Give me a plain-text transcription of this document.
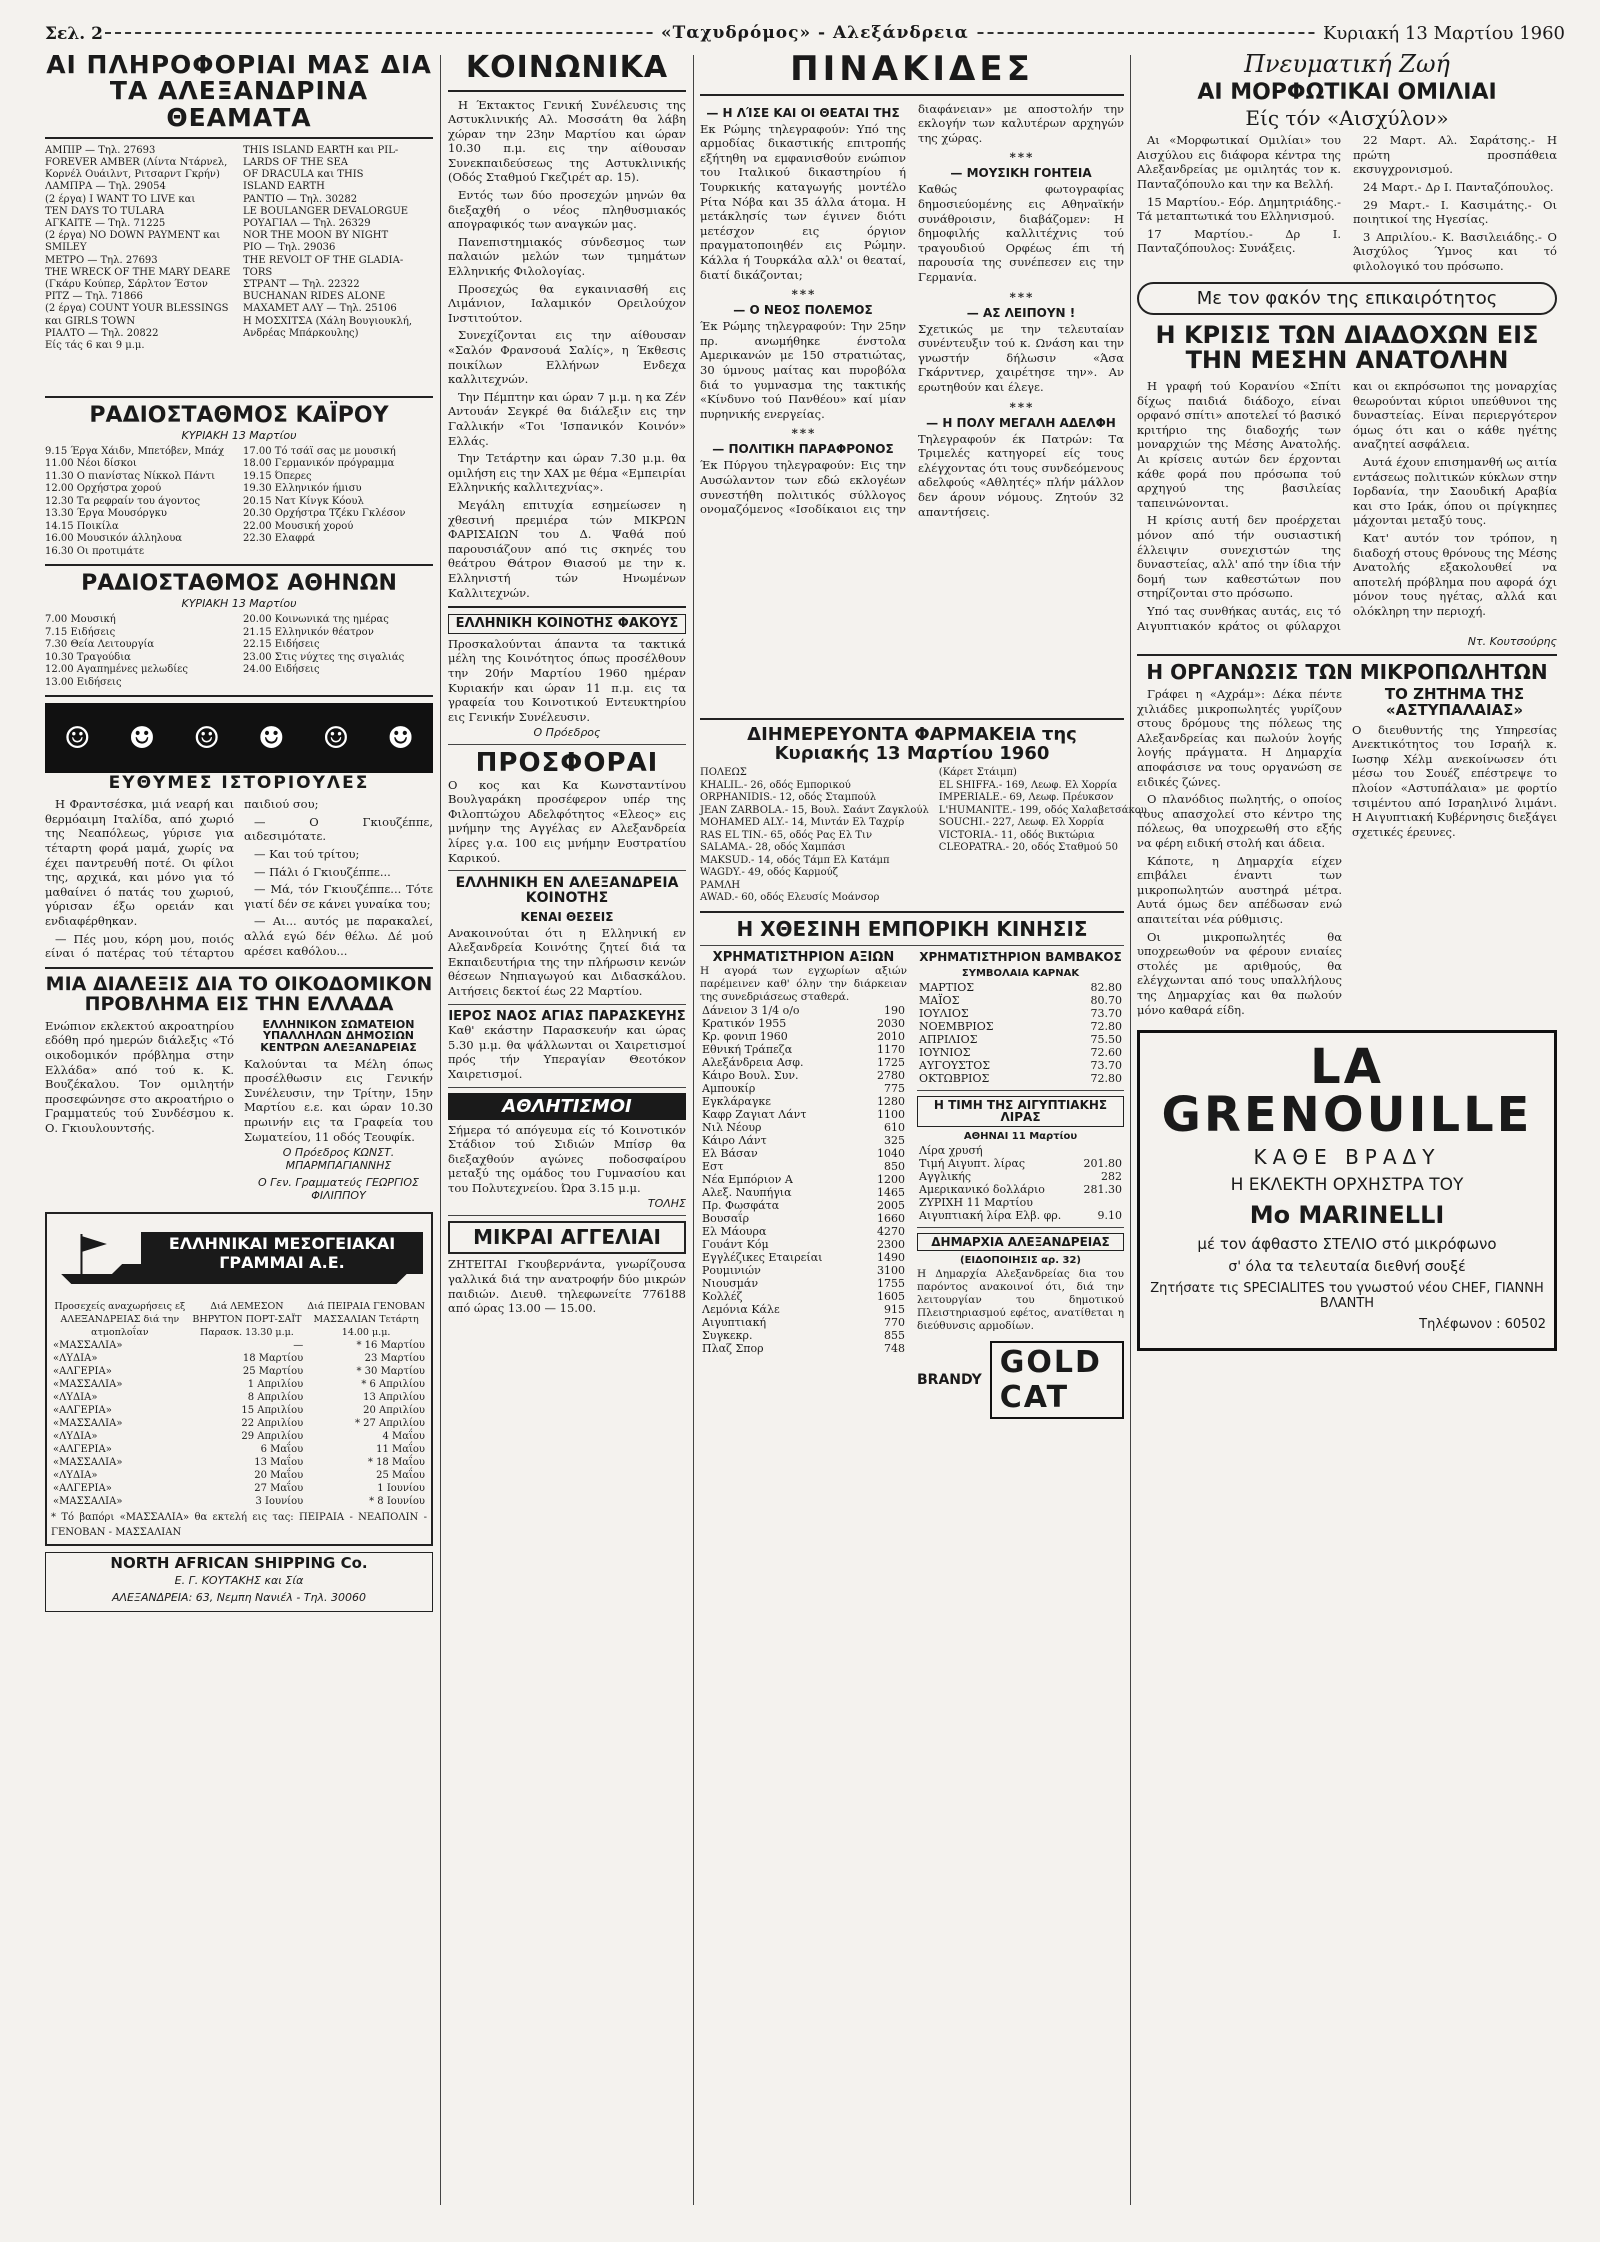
Σελ. 2	«Ταχυδρόμος» - Αλεξάνδρεια	Κυριακή 13 Μαρτίου 1960
ΑΙ ΠΛΗΡΟΦΟΡΙΑΙ ΜΑΣ ΔΙΑ ΤΑ ΑΛΕΞΑΝΔΡΙΝΑ ΘΕΑΜΑΤΑ
ΑΜΠΙΡ — Τηλ. 27693
FOREVER AMBER (Λίντα Ντάρνελ,
Κορνέλ Ουάιλντ, Ριτσαρντ Γκρήν)
ΛΑΜΠΡΑ — Τηλ. 29054
(2 έργα) I WANT TO LIVE και
TEN DAYS TO TULARA
ΑΓΚΑΙΤΕ — Τηλ. 71225
(2 έργα) NO DOWN PAYMENT και
SMILEY
ΜΕΤΡΟ — Τηλ. 27693
THE WRECK OF THE MARY DEARE
(Γκάρυ Κούπερ, Σάρλτον Έστον
ΡΙΤΖ — Τηλ. 71866
(2 έργα) COUNT YOUR BLESSINGS
και GIRLS TOWN
ΡΙΑΛΤΟ — Τηλ. 20822
Είς τάς 6 και 9 μ.μ.
THIS ISLAND EARTH και PIL-
LARDS OF THE SEA
OF DRACULA και THIS
ISLAND EARTH
PANTIO — Τηλ. 30282
LE BOULANGER DEVALORGUE
ΡΟΥΑΓΙΑΛ — Τηλ. 26329
NOR THE MOON BY NIGHT
ΡΙΟ — Τηλ. 29036
THE REVOLT OF THE GLADIA-
TORS
ΣΤΡΑΝΤ — Τηλ. 22322
BUCHANAN RIDES ALONE
ΜΑΧΑΜΕΤ ΑΛΥ — Τηλ. 25106
Η ΜΟΣΧΙΤΣΑ (Χάλη Βουγιουκλή,
Ανδρέας Μπάρκουλης)
ΡΑΔΙΟΣΤΑΘΜΟΣ ΚΑΪΡΟΥ
ΚΥΡΙΑΚΗ 13 Μαρτίου
9.15 Έργα Χάιδν, Μπετόβεν, Μπάχ
11.00 Νέοι δίσκοι
11.30 Ο πιανίστας Νίκκολ Πάντι
12.00 Ορχήστρα χορού
12.30 Τα ρεφραίν του άγοντος
13.30 Έργα Μουσόργκυ
14.15 Ποικίλα
16.00 Μουσικόν άλληλουα
16.30 Οι προτιμάτε
17.00 Τό τσάϊ σας με μουσική
18.00 Γερμανικόν πρόγραμμα
19.15 Όπερες
19.30 Ελληνικόν ήμισυ
20.15 Νατ Κίνγκ Κόουλ
20.30 Ορχήστρα Τζέκυ Γκλέσον
22.00 Μουσική χορού
22.30 Ελαφρά
ΡΑΔΙΟΣΤΑΘΜΟΣ ΑΘΗΝΩΝ
ΚΥΡΙΑΚΗ 13 Μαρτίου
7.00 Μουσική
7.15 Ειδήσεις
7.30 Θεία Λειτουργία
10.30 Τραγούδια
12.00 Αγαπημένες μελωδίες
13.00 Ειδήσεις
20.00 Κοινωνικά της ημέρας
21.15 Ελληνικόν θέατρον
22.15 Ειδήσεις
23.00 Στις νύχτες της σιγαλιάς
24.00 Ειδήσεις
☺ ☻ ☺ ☻ ☺ ☻
ΕΥΘΥΜΕΣ ΙΣΤΟΡΙΟΥΛΕΣ

Η Φραντσέσκα, μιά νεαρή και θερμόαιμη Ιταλίδα, από χωριό της Νεαπόλεως, γύρισε για τέταρτη φορά μαμά, χωρίς να έχει παντρευθή ποτέ. Οι φίλοι της, αρχικά, και μόνο για τό μαθαίνει ό πατάς του χωριού, γύρισαν έξω ορειάν και ενδιαφέρθηκαν.

— Πές μου, κόρη μου, ποιός είναι ό πατέρας τού τέταρτου παιδιού σου;

— Ο Γκιουζέππε, αιδεσιμότατε.

— Και τού τρίτου;

— Πάλι ό Γκιουζέππε...

— Μά, τόν Γκιουζέππε... Τότε γιατί δέν σε κάνει γυναίκα του;

— Αι... αυτός με παρακαλεί, αλλά εγώ δέν θέλω. Δέ μού αρέσει καθόλου...

ΜΙΑ ΔΙΑΛΕΞΙΣ ΔΙΑ ΤΟ ΟΙΚΟΔΟΜΙΚΟΝ ΠΡΟΒΛΗΜΑ ΕΙΣ ΤΗΝ ΕΛΛΑΔΑ
Ενώπιον εκλεκτού ακροατηρίου εδόθη πρό ημερών διάλεξις «Τό οικοδομικόν πρόβλημα στην Ελλάδα» από τού κ. Κ. Βουζέκαλου. Τον ομιλητήν προσεφώνησε στο ακροατήριο ο Γραμματεύς τού Συνδέσμου κ. Ο. Γκιουλουντσής.
ΕΛΛΗΝΙΚΟΝ ΣΩΜΑΤΕΙΟΝ ΥΠΑΛΛΗΛΩΝ ΔΗΜΟΣΙΩΝ ΚΕΝΤΡΩΝ ΑΛΕΞΑΝΔΡΕΙΑΣ
Καλούνται τα Μέλη όπως προσέλθωσιν εις Γενικήν Συνέλευσιν, την Τρίτην, 15ην Μαρτίου ε.ε. και ώραν 10.30 πρωινήν εις τα Γραφεία του Σωματείου, 11 οδός Τεουφίκ.
Ο Πρόεδρος ΚΩΝΣΤ. ΜΠΑΡΜΠΑΓΙΑΝΝΗΣ
Ο Γεν. Γραμματεύς ΓΕΩΡΓΙΟΣ ΦΙΛΙΠΠΟΥ
ΕΛΛΗΝΙΚΑΙ ΜΕΣΟΓΕΙΑΚΑΙ ΓΡΑΜΜΑΙ Α.Ε.
Προσεχείς αναχωρήσεις εξ ΑΛΕΞΑΝΔΡΕΙΑΣ διά την ατμοπλοΐαν	Διά ΛΕΜΕΣΟΝ ΒΗΡΥΤΟΝ ΠΟΡΤ-ΣΑΪΤ Παρασκ. 13.30 μ.μ.	Διά ΠΕΙΡΑΙΑ ΓΕΝΟΒΑΝ ΜΑΣΣΑΛΙΑΝ Τετάρτη 14.00 μ.μ.
«ΜΑΣΣΑΛΙΑ»	—	* 16 Μαρτίου
«ΛΥΔΙΑ»	18 Μαρτίου	23 Μαρτίου
«ΑΛΓΕΡΙΑ»	25 Μαρτίου	* 30 Μαρτίου
«ΜΑΣΣΑΛΙΑ»	1 Απριλίου	* 6 Απριλίου
«ΛΥΔΙΑ»	8 Απριλίου	13 Απριλίου
«ΑΛΓΕΡΙΑ»	15 Απριλίου	20 Απριλίου
«ΜΑΣΣΑΛΙΑ»	22 Απριλίου	* 27 Απριλίου
«ΛΥΔΙΑ»	29 Απριλίου	4 Μαΐου
«ΑΛΓΕΡΙΑ»	6 Μαΐου	11 Μαΐου
«ΜΑΣΣΑΛΙΑ»	13 Μαΐου	* 18 Μαΐου
«ΛΥΔΙΑ»	20 Μαΐου	25 Μαΐου
«ΑΛΓΕΡΙΑ»	27 Μαΐου	1 Ιουνίου
«ΜΑΣΣΑΛΙΑ»	3 Ιουνίου	* 8 Ιουνίου
* Τό βαπόρι «ΜΑΣΣΑΛΙΑ» θα εκτελή εις τας: ΠΕΙΡΑΙΑ - ΝΕΑΠΟΛΙΝ - ΓΕΝΟΒΑΝ - ΜΑΣΣΑΛΙΑΝ
NORTH AFRICAN SHIPPING Co.
Ε. Γ. ΚΟΥΤΑΚΗΣ και Σία
ΑΛΕΞΑΝΔΡΕΙΑ: 63, Νεμπη Νανιέλ - Τηλ. 30060
ΚΟΙΝΩΝΙΚΑ

Η Έκτακτος Γενική Συνέλευσις της Αστυκλινικής Αλ. Μοσσάτη θα λάβη χώραν την 23ην Μαρτίου και ώραν 10.30 π.μ. εις την αίθουσαν Συνεκπαιδεύσεως της Αστυκλινικής (Οδός Σταθμού Γκεζιρέτ αρ. 15).

Εντός των δύο προσεχών μηνών θα διεξαχθή ο νέος πληθυσμιακός απογραφικός των αναγκών μας.

Πανεπιστημιακός σύνδεσμος των παλαιών μελών των τμημάτων Ελληνικής Φιλολογίας.

Προσεχώς θα εγκαινιασθή εις Λιμάνιον, Ιαλαμικόν Ορειλούχον Ινστιτούτον.

Συνεχίζονται εις την αίθουσαν «Σαλόν Φρανσουά Σαλίς», η Έκθεσις ποικίλων Ελλήνων Ενδεχα καλλιτεχνών.

Την Πέμπτην και ώραν 7 μ.μ. η κα Ζέν Αντουάν Σεγκρέ θα διάλεξιν εις την Γαλλικήν «Τοι 'Ισπανικόν Κοινόν» Ελλάς.

Την Τετάρτην και ώραν 7.30 μ.μ. θα ομιλήση εις την ΧΑΧ με θέμα «Εμπειρίαι Ελληνικής καλλιτεχνίας».

Μεγάλη επιτυχία εσημείωσεν η χθεσινή πρεμιέρα τών ΜΙΚΡΩΝ ΦΑΡΙΣΑΙΩΝ του Δ. Ψαθά πού παρουσιάζουν από τις σκηνές του θεάτρου Θάτρον Θιασού με την κ. Ελληνιστή τών Ηνωμένων Καλλιτεχνών.

ΕΛΛΗΝΙΚΗ ΚΟΙΝΟΤΗΣ ΦΑΚΟΥΣ
Προσκαλούνται άπαντα τα τακτικά μέλη της Κοινότητος όπως προσέλθουν την 20ήν Μαρτίου 1960 ημέραν Κυριακήν και ώραν 11 π.μ. εις τα γραφεία του Κοινοτικού Εντευκτηρίου εις Γενικήν Συνέλευσιν.
Ο Πρόεδρος
ΠΡΟΣΦΟΡΑΙ
Ο κος και Κα Κωνσταντίνου Βουλγαράκη προσέφερον υπέρ της Φιλοπτώχου Αδελφότητος «Ελεος» εις μνήμην της Αγγέλας εν Αλεξανδρεία λίρες γ.α. 100 εις μνήμην Ευστρατίου Καρικού.
ΕΛΛΗΝΙΚΗ ΕΝ ΑΛΕΞΑΝΔΡΕΙΑ ΚΟΙΝΟΤΗΣ
ΚΕΝΑΙ ΘΕΣΕΙΣ
Ανακοινούται ότι η Ελληνική εν Αλεξανδρεία Κοινότης ζητεί διά τα Εκπαιδευτήρια της την πλήρωσιν κενών θέσεων Νηπιαγωγού και Διδασκάλου. Αιτήσεις δεκτοί έως 22 Μαρτίου.
ΙΕΡΟΣ ΝΑΟΣ ΑΓΙΑΣ ΠΑΡΑΣΚΕΥΗΣ
Καθ' εκάστην Παρασκευήν και ώρας 5.30 μ.μ. θα ψάλλωνται οι Χαιρετισμοί πρός τήν Υπεραγίαν Θεοτόκον Χαιρετισμοί.
ΑΘΛΗΤΙΣΜΟΙ
Σήμερα τό απόγευμα είς τό Κοινοτικόν Στάδιον τού Σιδιών Μπίσρ θα διεξαχθούν αγώνες ποδοσφαίρου μεταξύ της ομάδος του Γυμνασίου και του Πολυτεχνείου. Ώρα 3.15 μ.μ.
ΤΟΛΗΣ
ΜΙΚΡΑΙ ΑΓΓΕΛΙΑΙ
ΖΗΤΕΙΤΑΙ Γκουβερνάντα, γνωρίζουσα γαλλικά διά την ανατροφήν δύο μικρών παιδιών. Διευθ. τηλεφωνείτε 776188 από ώρας 13.00 — 15.00.
ΠΙΝΑΚΙΔΕΣ
— Η ΛΊΣΕ ΚΑΙ ΟΙ ΘΕΑΤΑΙ ΤΗΣ
Εκ Ρώμης τηλεγραφούν: Υπό της αρμοδίας δικαστικής επιτροπής εξήτηθη να εμφανισθούν ενώπιον του Ιταλικού δικαστηρίου ή Τουρκικής καταγωγής μοντέλο Ρίτα Νόβα και 35 άλλα άτομα. Η μετάκλησίς των έγινεν διότι μετέσχον εις όργιον πραγματοποιηθέν εις Ρώμην. Κάλλα ή Τουρκάλα αλλ' οι θεαταί, διατί δικάζονται;
∗∗∗
— Ο ΝΕΟΣ ΠΟΛΕΜΟΣ
Έκ Ρώμης τηλεγραφούν: Την 25ην πρ. ανωμήθηκε ένστολα Αμερικανών με 150 στρατιώτας, 30 ύμνους μαίτας και πυροβόλα διά το γυμνασμα της τακτικής «Κίνδυνο τού Πανθέου» καί μίαν πυρηνικής ενεργείας.
∗∗∗
— ΠΟΛΙΤΙΚΗ ΠΑΡΑΦΡΟΝΟΣ
Έκ Πύργου τηλεγραφούν: Εις την Αυσώλαντον των εδώ εκλογέων συνεστήθη πολιτικός σύλλογος ονομαζόμενος «Ισοδίκαιοι εις την διαφάνειαν» με αποστολήν την εκλογήν των καλυτέρων αρχηγών της χώρας.
∗∗∗
— ΜΟΥΣΙΚΗ ΓΟΗΤΕΙΑ
Καθώς φωτογραφίας δημοσιεύομένης εις Αθηναϊκήν συνάθροισιν, διαβάζομεν: Η δημοφιλής καλλιτέχνις τού τραγουδιού Ορφέως έπι τή παρουσία της συνέπεσεν εις την Γερμανία.
∗∗∗
— ΑΣ ΛΕΙΠΟΥΝ !
Σχετικώς με την τελευταίαν συνέντευξιν τού κ. Ωνάση και την γνωστήν δήλωσιν «Άσα Γκάρντνερ, χαιρέτησε την». Αν ερωτηθούν και έλεγε.
∗∗∗
— Η ΠΟΛΥ ΜΕΓΑΛΗ ΑΔΕΛΦΗ
Τηλεγραφούν έκ Πατρών: Τα Τριμελές κατηγορεί είς τους ελέγχοντας ότι τους συνδεόμενους αδελφούς «Αθλητές» πλήν μάλλον δεν άρουν νόμους. Ζητούν 32 απαντήσεις.
ΔΙΗΜΕΡΕΥΟΝΤΑ ΦΑΡΜΑΚΕΙΑ της Κυριακής 13 Μαρτίου 1960
ΠΟΛΕΩΣ
KHALIL.- 26, οδός Εμπορικού
ORPHANIDIS.- 12, οδός Σταμπούλ
JEAN ZARBOLA.- 15, Βουλ. Σαάντ Ζαγκλούλ
MOHAMED ALY.- 14, Μιντάν Ελ Ταχρίρ
RAS EL TIN.- 65, οδός Ρας Ελ Τιν
SALAMA.- 28, οδός Χαμπάσι
MAKSUD.- 14, οδός Τάμπ Ελ Κατάμπ
WAGDY.- 49, οδός Καρμούζ
ΡΑΜΛΗ
AWAD.- 60, οδός Ελευσίς Μοάνσορ
(Κάρετ Στάιμπ)
EL SHIFFA.- 169, Λεωφ. Ελ Χορρία
IMPERIALE.- 69, Λεωφ. Πρέυκσον
L'HUMANITE.- 199, οδός Χαλαβετσάκου
SOUCHI.- 227, Λεωφ. Ελ Χορρία
VICTORIA.- 11, οδός Βικτώρια
CLEOPATRA.- 20, οδός Σταθμού 50
Η ΧΘΕΣΙΝΗ ΕΜΠΟΡΙΚΗ ΚΙΝΗΣΙΣ
ΧΡΗΜΑΤΙΣΤΗΡΙΟΝ ΑΞΙΩΝ
Η αγορά των εγχωρίων αξιών παρέμεινεν καθ' όλην την διάρκειαν της συνεδριάσεως σταθερά.
Δάνειον 3 1/4 ο/ο	190
Κρατικόν 1955	2030
Κρ. φονιπ 1960	2010
Εθνική Τράπεζα	1170
Αλεξάνδρεια Ασφ.	1725
Κάιρο Βουλ. Συν.	2780
Αμπουκίρ	775
Εγκλάραγκε	1280
Καφρ Ζαγιατ Λάντ	1100
Νιλ Νέουρ	610
Κάιρο Λάντ	325
Ελ Βάσαν	1040
Εστ	850
Νέα Εμπόριον Α	1200
Αλεξ. Ναυπήγια	1465
Πρ. Φωσφάτα	2005
Βουσαΐρ	1660
Ελ Μάουρα	4270
Γουάντ Κόμ	2300
Εγγλέζικες Εταιρείαι	1490
Ρουμινιών	3100
Νιουσμάν	1755
Κολλέζ	1605
Λεμόνια Κάλε	915
Αιγυπτιακή	770
Συγκεκρ.	855
Πλαζ Σπορ	748
ΧΡΗΜΑΤΙΣΤΗΡΙΟΝ ΒΑΜΒΑΚΟΣ
ΣΥΜΒΟΛΑΙΑ ΚΑΡΝΑΚ
ΜΑΡΤΙΟΣ	82.80
ΜΑΪΟΣ	80.70
ΙΟΥΛΙΟΣ	73.70
ΝΟΕΜΒΡΙΟΣ	72.80
ΑΠΡΙΛΙΟΣ	75.50
ΙΟΥΝΙΟΣ	72.60
ΑΥΓΟΥΣΤΟΣ	73.70
ΟΚΤΩΒΡΙΟΣ	72.80
Η ΤΙΜΗ ΤΗΣ ΑΙΓΥΠΤΙΑΚΗΣ ΛΙΡΑΣ
ΑΘΗΝΑΙ 11 Μαρτίου
Λίρα χρυσή	
Τιμή Αιγυπτ. λίρας	201.80
Αγγλικής	282
Αμερικανικό δολλάριο	281.30
ΖΥΡΙΧΗ 11 Μαρτίου	
Αιγυπτιακή λίρα Ελβ. φρ.	9.10
ΔΗΜΑΡΧΙΑ ΑΛΕΞΑΝΔΡΕΙΑΣ
(ΕΙΔΟΠΟΙΗΣΙΣ αρ. 32)
Η Δημαρχία Αλεξανδρείας δια του παρόντος ανακοινοί ότι, διά την λειτουργίαν του δημοτικού Πλειστηριασμού εφέτος, ανατίθεται η διεύθυνσις αρμοδίων.
BRANDY GOLD CAT
Πνευματική Ζωή
ΑΙ ΜΟΡΦΩΤΙΚΑΙ ΟΜΙΛΙΑΙ
Είς τόν «Αισχύλον»

Αι «Μορφωτικαί Ομιλίαι» του Αισχύλου εις διάφορα κέντρα της Αλεξανδρείας με ομιλητάς τον κ. Πανταζόπουλο και την κα Βελλή.

15 Μαρτίου.- Εόρ. Δημητριάδης.- Τά μεταπτωτικά του Ελληνισμού.

17 Μαρτίου.- Δρ Ι. Πανταζόπουλος: Συνάξεις.

22 Μαρτ. Αλ. Σαράτσης.- Η πρώτη προσπάθεια εκσυγχρονισμού.

24 Μαρτ.- Δρ Ι. Πανταζόπουλος.

29 Μαρτ.- Ι. Κασιμάτης.- Οι ποιητικοί της Ηγεσίας.

3 Απριλίου.- Κ. Βασιλειάδης.- Ο Άισχύλος Ύμνος και τό φιλολογικό του πρόσωπο.

Με τον φακόν της επικαιρότητος
Η ΚΡΙΣΙΣ ΤΩΝ ΔΙΑΔΟΧΩΝ ΕΙΣ ΤΗΝ ΜΕΣΗΝ ΑΝΑΤΟΛΗΝ

Η γραφή τού Κορανίου «Σπίτι δίχως παιδιά διάδοχο, είναι ορφανό σπίτι» αποτελεί τό βασικό κριτήριο της διαδοχής των μοναρχιών της Μέσης Ανατολής. Αι κρίσεις αυτών δεν έρχονται κάθε φορά που πρόσωπα τού αρχηγού της βασιλείας ταπεινώνονται.

Η κρίσις αυτή δεν προέρχεται μόνον από τήν ουσιαστική έλλειψιν συνεχιστών της δυναστείας, αλλ' από την ίδια τήν δομή των καθεστώτων που στηρίζονται στο πρόσωπο.

Υπό τας συνθήκας αυτάς, εις τό Αιγυπτιακόν κράτος οι φύλαρχοι και οι εκπρόσωποι της μοναρχίας θεωρούνται κύριοι υπεύθυνοι της δυναστείας. Είναι περιεργότερον όμως ότι και ο κάθε ηγέτης αναζητεί ασφάλεια.

Αυτά έχουν επισημανθή ως αιτία εντάσεως πολιτικών κύκλων στην Ιορδανία, την Σαουδική Αραβία και στο Ιράκ, όπου οι πρίγκηπες μάχονται μεταξύ τους.

Κατ' αυτόν τον τρόπον, η διαδοχή στους θρόνους της Μέσης Ανατολής εξακολουθεί να αποτελή πρόβλημα που αφορά όχι μόνον τους ηγέτας, αλλά και ολόκληρη την περιοχή.

Ντ. Κουτσούρης
Η ΟΡΓΑΝΩΣΙΣ ΤΩΝ ΜΙΚΡΟΠΩΛΗΤΩΝ

Γράφει η «Αχράμ»: Δέκα πέντε χιλιάδες μικροπωλητές γυρίζουν στους δρόμους της πόλεως της Αλεξανδρείας και πωλούν λογής λογής πράγματα. Η Δημαρχία αποφάσισε να τους οργανώση σε ειδικές ζώνες.

Ο πλανόδιος πωλητής, ο οποίος τους απασχολεί στο κέντρο της πόλεως, θα υποχρεωθή στο εξής να φέρη ειδική στολή και άδεια.

Κάποτε, η Δημαρχία είχεν επιβάλει έναντι των μικροπωλητών αυστηρά μέτρα. Αυτά όμως δεν απέδωσαν ενώ απαιτείται νέα ρύθμισις.

Οι μικροπωλητές θα υποχρεωθούν να φέρουν ενιαίες στολές με αριθμούς, θα ελέγχωνται από τους υπαλλήλους της Δημαρχίας και θα πωλούν μόνο καθαρά είδη.

ΤΟ ΖΗΤΗΜΑ ΤΗΣ «ΑΣΤΥΠΑΛΑΙΑΣ»
Ο διευθυντής της Υπηρεσίας Ανεκτικότητος του Ισραήλ κ. Ιωσηφ Χέλμ ανεκοίνωσεν ότι μέσω του Σουέζ επέστρεψε το πλοίον «Αστυπάλαια» με φορτίο τσιμέντου από Ισραηλινό λιμάνι. Η Αιγυπτιακή Κυβέρνησις διεξάγει σχετικές έρευνες.
LA GRENOUILLE
ΚΑΘΕ ΒΡΑΔΥ
Η ΕΚΛΕΚΤΗ ΟΡΧΗΣΤΡΑ ΤΟΥ
Mo MARINELLI
μέ τον άφθαστο ΣΤΕΛΙΟ στό μικρόφωνο
σ' όλα τα τελευταία διεθνή σουξέ
Ζητήσατε τις SPECIALITES του γνωστού νέου CHEF, ΓΙΑΝΝΗ ΒΛΑΝΤΗ
Τηλέφωνον : 60502
